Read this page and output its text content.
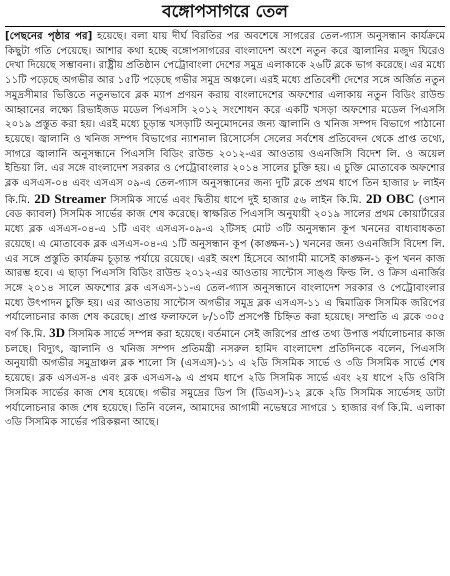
বঙ্গোপসাগরে তেল
[পেছনের পৃষ্ঠার পর] হয়েছে। বলা যায় দীর্ঘ বিরতির পর অবশেষে সাগরের তেল-গ্যাস অনুসন্ধান কার্যক্রমে কিছুটা গতি পেয়েছে। আশার কথা হচ্ছে বঙ্গোপসাগরের বাংলাদেশ অংশে নতুন করে জ্বালানির মজুদ ঘিরেও দেখা দিয়েছে সম্ভাবনা। রাষ্ট্রীয় প্রতিষ্ঠান পেট্রোবাংলা দেশের সমুদ্র এলাকাকে ২৬টি ব্লকে ভাগ করেছে। এর মধ্যে ১১টি পড়েছে অগভীর আর ১৫টি পড়েছে গভীর সমুদ্র অঞ্চলে। এরই মধ্যে প্রতিবেশী দেশের সঙ্গে অর্জিত নতুন সমুদ্রসীমার ভিত্তিতে নতুনভাবে ব্লক ম্যাপ প্রণয়ন করায় বাংলাদেশের অফশোর এলাকায় নতুন বিডিং রাউন্ড আহ্বানের লক্ষ্যে রিভাইজড মডেল পিএসসি ২০১২ সংশোধন করে একটি খসড়া অফশোর মডেল পিএসসি ২০১৯ প্রস্তুত করা হয়। এরই মধ্যে চূড়ান্ত খসড়াটি অনুমোদনের জন্য জ্বালানি ও খনিজ সম্পদ বিভাগে পাঠানো হয়েছে। জ্বালানি ও খনিজ সম্পদ বিভাগের ন্যাশনাল রিসোর্সেস সেলের সর্বশেষ প্রতিবেদন থেকে প্রাপ্ত তথ্যে, সাগরে জ্বালানি অনুসন্ধানে পিএসসি বিডিং রাউন্ড ২০১২-এর আওতায় ওএনজিসি বিদেশ লি. ও অয়েল ইন্ডিয়া লি. এর সঙ্গে বাংলাদেশ সরকার ও পেট্রোবাংলার ২০১৪ সালের চুক্তি হয়। এ চুক্তি মোতাবেক অফশোর ব্লক এসএস-০৪ এবং এসএস ০৯-এ তেল-গ্যাস অনুসন্ধানের জন্য দুটি ব্লকে প্রথম ধাপে তিন হাজার ৮ লাইন কি.মি. 2D Streamer সিসমিক সার্ভে এবং দ্বিতীয় ধাপে দুই হাজার ৫৬ লাইন কি.মি. 2D OBC (ওশান বেড ক্যাবল) সিসমিক সার্ভের কাজ শেষ করেছে। স্বাক্ষরিত পিএসসি অনুযায়ী ২০১৯ সালের প্রথম কোয়ার্টারের মধ্যে ব্লক এসএস-০৪-এ ১টি এবং এসএস-০৯-এ ২টিসহ মোট ৩টি অনুসন্ধান কূপ খননের বাধ্যবাধকতা রয়েছে। এ মোতাবেক ব্লক এসএস-০৪-এ ১টি অনুসন্ধান কূপ (কাঙ্ক্ষন-১) খননের জন্য ওএনজিসি বিদেশ লি. এর সঙ্গে প্রস্তুতি কার্যক্রম চূড়ান্ত পর্যায়ে রয়েছে। এরই অংশ হিসেবে আগামী মাসেই কাঙ্ক্ষন-১ কূপ খনন কাজ আরম্ভ হবে। এ ছাড়া পিএসসি বিডিং রাউন্ড ২০১২-এর আওতায় সান্টোস সাঙ্গু ফিল্ড লি. ও ক্রিস এনার্জির সঙ্গে ২০১৪ সালে অফশোর ব্লক এসএস-১১-এ তেল-গ্যাস অনুসন্ধানে বাংলাদেশ সরকার ও পেট্রোবাংলার মধ্যে উৎপাদন চুক্তি হয়। এর আওতায় সান্টোস অগভীর সমুদ্র ব্লক এসএস-১১ এ দ্বিমাত্রিক সিসমিক জরিপের পর্যালোচনার কাজ শেষ করেছে। প্রাপ্ত ফলাফলে ৮/১০টি প্রসপেক্ট চিহ্নিত করা হয়েছে। সম্প্রতি এ ব্লকে ৩০৫ বর্গ কি.মি. 3D সিসমিক সার্ভে সম্পন্ন করা হয়েছে। বর্তমানে সেই জরিপের প্রাপ্ত তথ্য উপাত্ত পর্যালোচনার কাজ চলছে। বিদ্যুৎ, জ্বালানি ও খনিজ সম্পদ প্রতিমন্ত্রী নসরুল হামিদ বাংলাদেশ প্রতিদিনকে বলেন, পিএসসি অনুযায়ী অগভীর সমুদ্রাঞ্চল ব্লক শালো সি (এসএস)-১১ এ ২ডি সিসমিক সার্ভে ও ৩ডি সিসমিক সার্ভে শেষ হয়েছে। ব্লক এসএস-৪ এবং ব্লক এসএস-৯ এ প্রথম ধাপে ২ডি সিসমিক সার্ভে এবং ২য় ধাপে ২ডি ওবিসি সিসমিক সার্ভের কাজ শেষ হয়েছে। গভীর সমুদ্রের ডিপ সি (ডিএস)-১২ ব্লকে ২ডি সিসমিক সার্ভেসহ ডাটা পর্যালোচনার কাজ শেষ হয়েছে। তিনি বলেন, আমাদের আগামী নভেম্বরে সাগরে ১ হাজার বর্গ কি.মি. এলাকা ৩ডি সিসমিক সার্ভের পরিকল্পনা আছে।
